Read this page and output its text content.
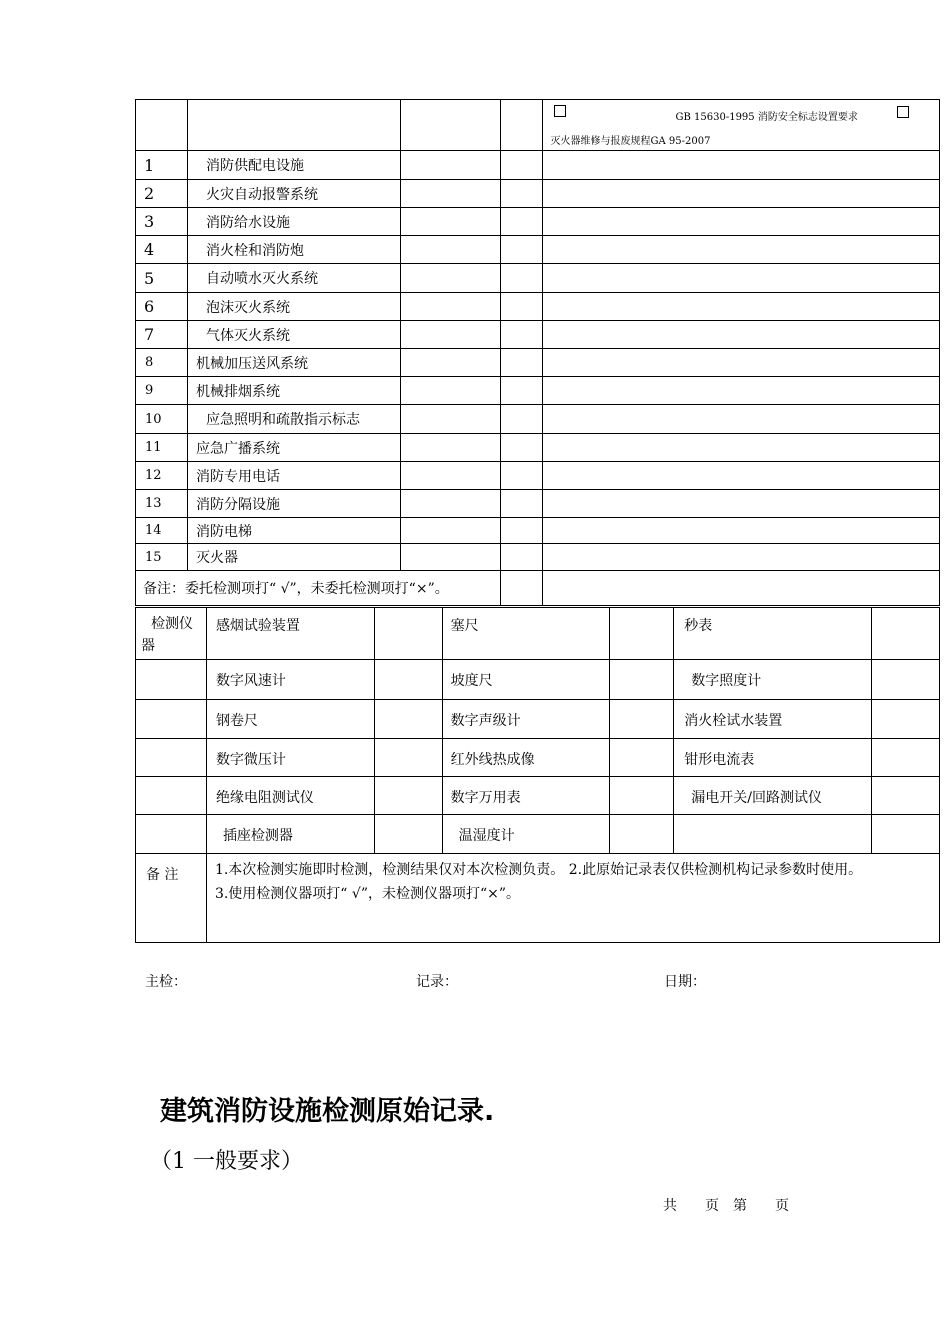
				GB 15630-1995 消防安全标志设置要求
灭火器维修与报废规程GA 95-2007

1	消防供配电设施			
2	火灾自动报警系统			
3	消防给水设施			
4	消火栓和消防炮			
5	自动喷水灭火系统			
6	泡沫灭火系统			
7	气体灭火系统			
8	机械加压送风系统			
9	机械排烟系统			
10	应急照明和疏散指示标志			
11	应急广播系统			
12	消防专用电话			
13	消防分隔设施			
14	消防电梯			
15	灭火器			
备注：委托检测项打“ √”，未委托检测项打“×”。				
检测仪器	感烟试验装置		塞尺		秒表	
	数字风速计		坡度尺		数字照度计	
	钢卷尺		数字声级计		消火栓试水装置	
	数字微压计		红外线热成像		钳形电流表	
	绝缘电阻测试仪		数字万用表		漏电开关/回路测试仪	
	插座检测器		温湿度计			
备 注	1.本次检测实施即时检测，检测结果仅对本次检测负责。 2.此原始记录表仅供检测机构记录参数时使用。
3.使用检测仪器项打“ √”，未检测仪器项打“×”。					
主检：	记录：	日期：
建筑消防设施检测原始记录.
（1 一般要求）
共　　页　第　　页
